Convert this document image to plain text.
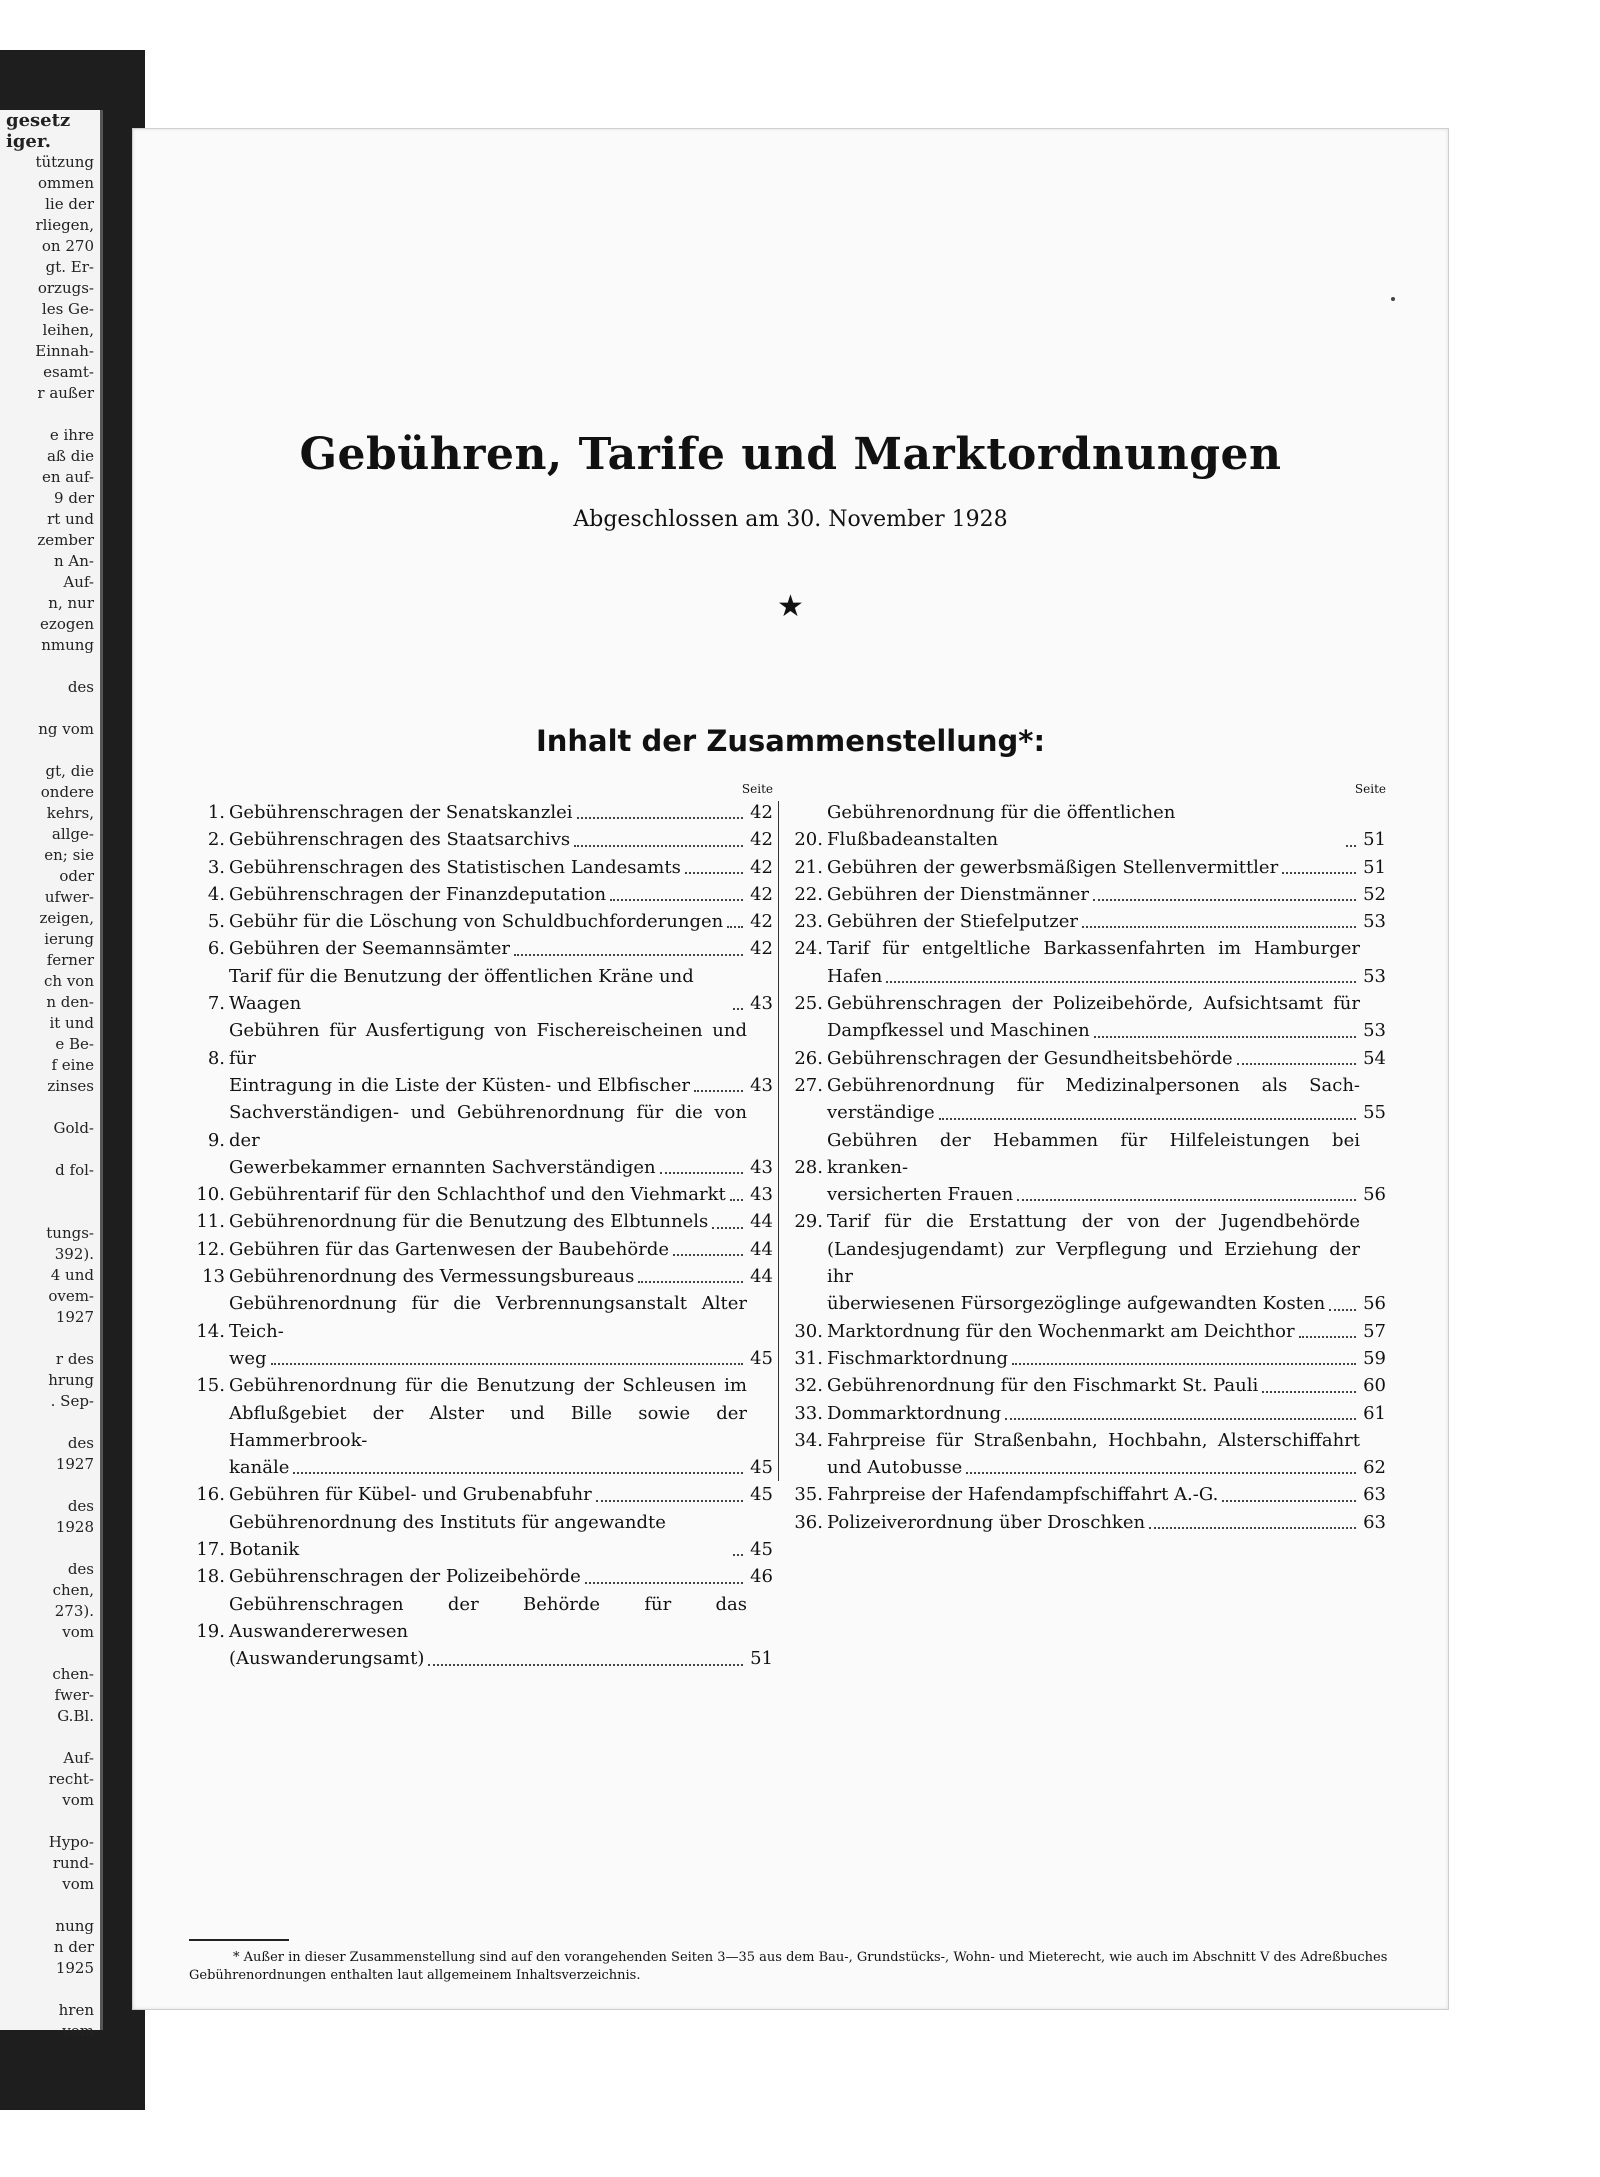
gesetz
iger.
tützung
ommen
lie der
rliegen,
on 270
gt. Er-
orzugs-
les Ge-
leihen,
Einnah-
esamt-
r außer

e ihre
aß die
en auf-
9 der
rt und
zember
n An-
Auf-
n, nur
ezogen
nmung

des

ng vom

gt, die
ondere
kehrs,
allge-
en; sie
oder
ufwer-
zeigen,
ierung
ferner
ch von
n den-
it und
e Be-
f eine
zinses

Gold-

d fol-

tungs-
392).
4 und
ovem-
1927

r des
hrung
. Sep-

des
1927

des
1928

des
chen,
273).
vom

chen-
fwer-
G.Bl.

Auf-
recht-
vom

Hypo-
rund-
vom

nung
n der
1925

hren
vom
Gebühren, Tarife und Marktordnungen
Abgeschlossen am 30. November 1928
★
Inhalt der Zusammenstellung*:
Seite
1. Gebührenschragen der Senatskanzlei	42
2. Gebührenschragen des Staatsarchivs	42
3. Gebührenschragen des Statistischen Landesamts	42
4. Gebührenschragen der Finanzdeputation	42
5. Gebühr für die Löschung von Schuldbuchforderungen 42
6. Gebühren der Seemannsämter	42
7.
Tarif für die Benutzung der öffentlichen Kräne und Waagen	43
8.
Gebühren für Ausfertigung von Fischereischeinen und für
Eintragung in die Liste der Küsten- und Elbfischer	43
9.
Sachverständigen- und Gebührenordnung für die von der
Gewerbekammer ernannten Sachverständigen	43
10. Gebührentarif für den Schlachthof und den Viehmarkt 43
11. Gebührenordnung für die Benutzung des Elbtunnels 44
12. Gebühren für das Gartenwesen der Baubehörde	44
13 Gebührenordnung des Vermessungsbureaus	44
14.
Gebührenordnung für die Verbrennungsanstalt Alter Teich-
weg	45
15. Gebührenordnung für die Benutzung der Schleusen im
Abflußgebiet der Alster und Bille sowie der Hammerbrook-
kanäle	45
16. Gebühren für Kübel- und Grubenabfuhr	45
17.
Gebührenordnung des Instituts für angewandte Botanik	45
18. Gebührenschragen der Polizeibehörde	46
19.
Gebührenschragen der Behörde für das Auswandererwesen
(Auswanderungsamt)	51
Seite
20.
Gebührenordnung für die öffentlichen Flußbadeanstalten	51
21. Gebühren der gewerbsmäßigen Stellenvermittler	51
22. Gebühren der Dienstmänner	52
23. Gebühren der Stiefelputzer	53
24. Tarif für entgeltliche Barkassenfahrten im Hamburger
Hafen	53
25. Gebührenschragen der Polizeibehörde, Aufsichtsamt für
Dampfkessel und Maschinen	53
26. Gebührenschragen der Gesundheitsbehörde	54
27. Gebührenordnung für Medizinalpersonen als Sach-
verständige	55
28.
Gebühren der Hebammen für Hilfeleistungen bei kranken-
versicherten Frauen	56
29. Tarif für die Erstattung der von der Jugendbehörde
(Landesjugendamt) zur Verpflegung und Erziehung der ihr
überwiesenen Fürsorgezöglinge aufgewandten Kosten 56
30. Marktordnung für den Wochenmarkt am Deichthor	57
31. Fischmarktordnung	59
32. Gebührenordnung für den Fischmarkt St. Pauli	60
33. Dommarktordnung	61
34. Fahrpreise für Straßenbahn, Hochbahn, Alsterschiffahrt
und Autobusse	62
35. Fahrpreise der Hafendampfschiffahrt A.-G.	63
36. Polizeiverordnung über Droschken	63
* Außer in dieser Zusammenstellung sind auf den vorangehenden Seiten 3—35 aus dem Bau-, Grundstücks-, Wohn- und Mieterecht, wie auch im Abschnitt V des Adreßbuches Gebührenordnungen enthalten laut allgemeinem Inhaltsverzeichnis.
